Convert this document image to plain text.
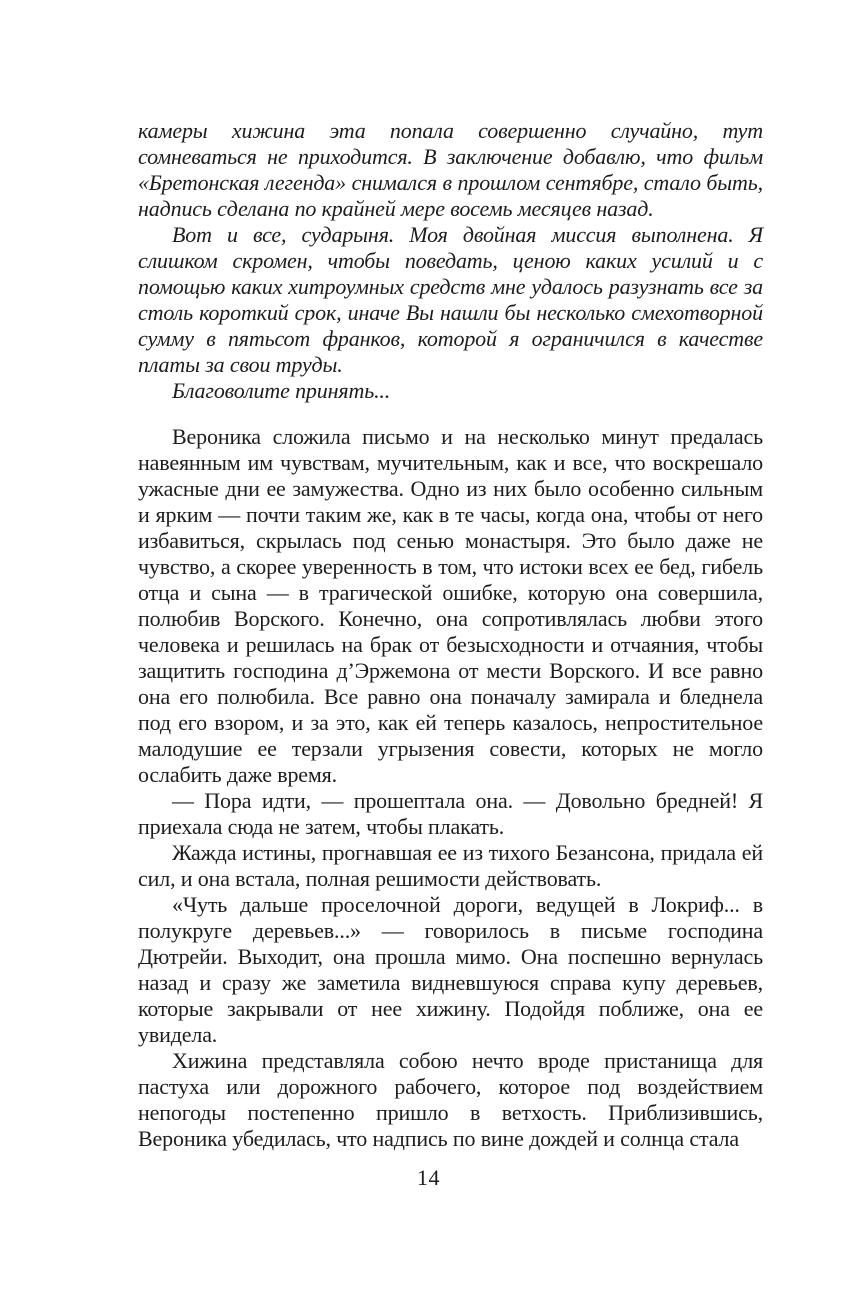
камеры хижина эта попала совершенно случайно, тут сомневаться не приходится. В заключение добавлю, что фильм «Бретонская легенда» снимался в прошлом сентябре, стало быть, надпись сделана по крайней мере восемь месяцев назад.

Вот и все, сударыня. Моя двойная миссия выполнена. Я слишком скромен, чтобы поведать, ценою каких усилий и с помощью каких хитроумных средств мне удалось разузнать все за столь короткий срок, иначе Вы нашли бы несколько смехотворной сумму в пятьсот франков, которой я ограничился в качестве платы за свои труды.

Благоволите принять...

Вероника сложила письмо и на несколько минут предалась навеянным им чувствам, мучительным, как и все, что воскрешало ужасные дни ее замужества. Одно из них было особенно сильным и ярким — почти таким же, как в те часы, когда она, чтобы от него избавиться, скрылась под сенью монастыря. Это было даже не чувство, а скорее уверенность в том, что истоки всех ее бед, гибель отца и сына — в трагической ошибке, которую она совершила, полюбив Ворского. Конечно, она сопротивлялась любви этого человека и решилась на брак от безысходности и отчаяния, чтобы защитить господина д’Эржемона от мести Ворского. И все равно она его полюбила. Все равно она поначалу замирала и бледнела под его взором, и за это, как ей теперь казалось, непростительное малодушие ее терзали угрызения совести, которых не могло ослабить даже время.

— Пора идти, — прошептала она. — Довольно бредней! Я приехала сюда не затем, чтобы плакать.

Жажда истины, прогнавшая ее из тихого Безансона, придала ей сил, и она встала, полная решимости действовать.

«Чуть дальше проселочной дороги, ведущей в Локриф... в полукруге деревьев...» — говорилось в письме господина Дютрейи. Выходит, она прошла мимо. Она поспешно вернулась назад и сразу же заметила видневшуюся справа купу деревьев, которые закрывали от нее хижину. Подойдя поближе, она ее увидела.

Хижина представляла собою нечто вроде пристанища для пастуха или дорожного рабочего, которое под воздействием непогоды постепенно пришло в ветхость. Приблизившись, Вероника убедилась, что надпись по вине дождей и солнца стала

14
